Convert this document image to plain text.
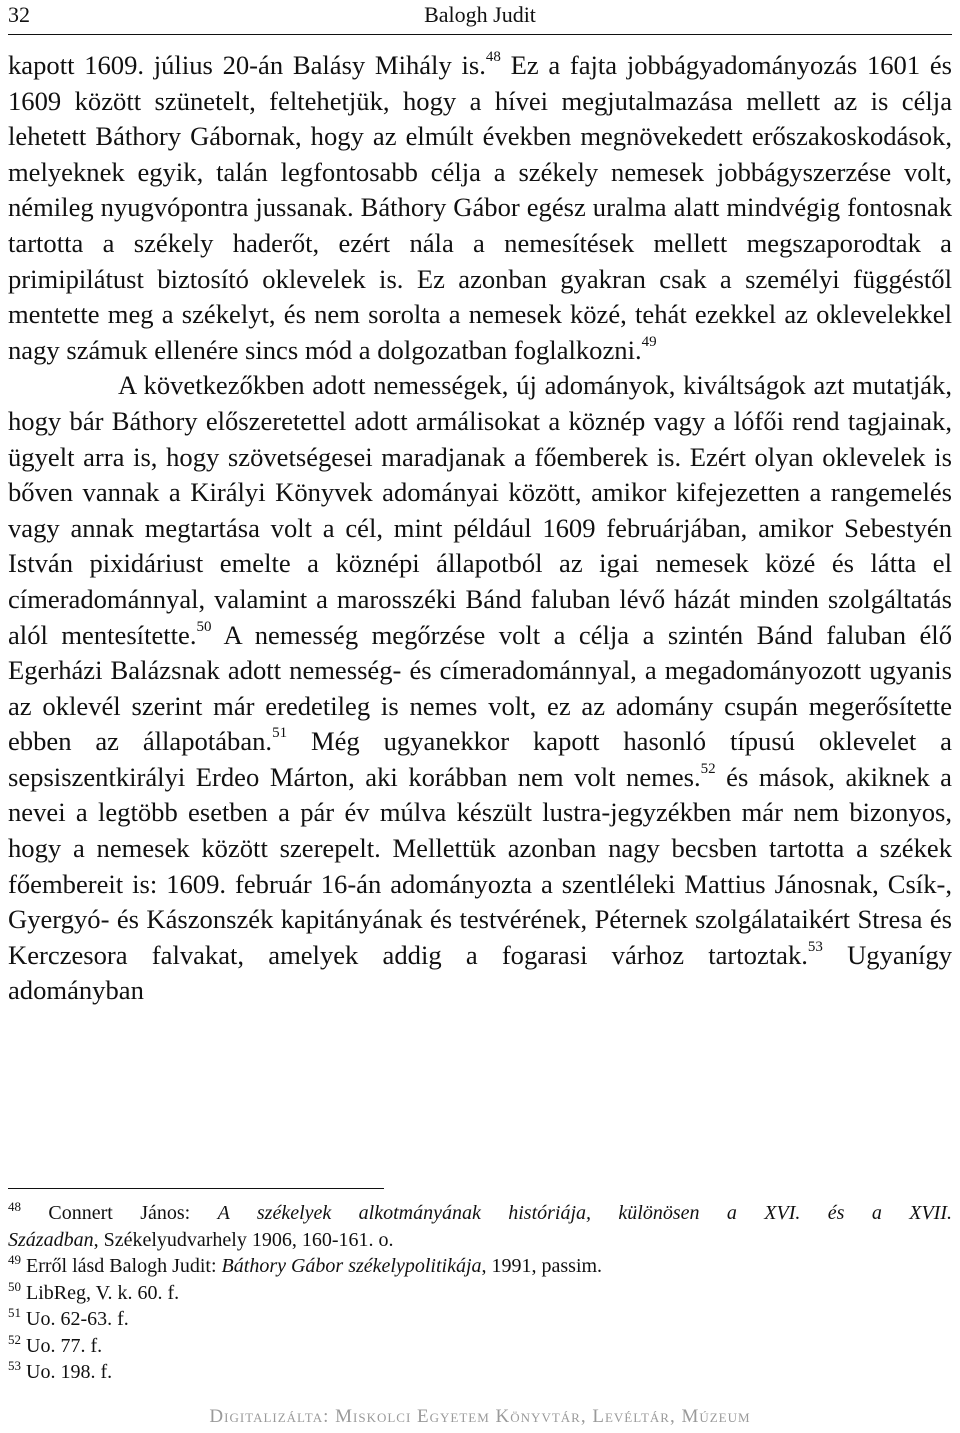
32	Balogh Judit

kapott 1609. július 20-án Balásy Mihály is.$^{48}$ Ez a fajta jobbágyadományozás 1601 és 1609 között szünetelt, feltehetjük, hogy a hívei megjutalmazása mellett az is célja lehetett Báthory Gábornak, hogy az elmúlt években megnövekedett erőszakoskodások, melyeknek egyik, talán legfontosabb célja a székely nemesek jobbágyszerzése volt, némileg nyugvópontra jussanak. Báthory Gábor egész uralma alatt mindvégig fontosnak tartotta a székely haderőt, ezért nála a nemesítések mellett megszaporodtak a primipilátust biztosító oklevelek is. Ez azonban gyakran csak a személyi függéstől mentette meg a székelyt, és nem sorolta a nemesek közé, tehát ezekkel az oklevelekkel nagy számuk ellenére sincs mód a dolgozatban foglalkozni.$^{49}$

A következőkben adott nemességek, új adományok, kiváltságok azt mutatják, hogy bár Báthory előszeretettel adott armálisokat a köznép vagy a lófői rend tagjainak, ügyelt arra is, hogy szövetségesei maradjanak a főemberek is. Ezért olyan oklevelek is bőven vannak a Királyi Könyvek adományai között, amikor kifejezetten a rangemelés vagy annak megtartása volt a cél, mint például 1609 februárjában, amikor Sebestyén István pixidáriust emelte a köznépi állapotból az igai nemesek közé és látta el címeradománnyal, valamint a marosszéki Bánd faluban lévő házát minden szolgáltatás alól mentesítette.$^{50}$ A nemesség megőrzése volt a célja a szintén Bánd faluban élő Egerházi Balázsnak adott nemesség- és címeradománnyal, a megadományozott ugyanis az oklevél szerint már eredetileg is nemes volt, ez az adomány csupán megerősítette ebben az állapotában.$^{51}$ Még ugyanekkor kapott hasonló típusú oklevelet a sepsiszentkirályi Erdeo Márton, aki korábban nem volt nemes.$^{52}$ és mások, akiknek a nevei a legtöbb esetben a pár év múlva készült lustra-jegyzékben már nem bizonyos, hogy a nemesek között szerepelt. Mellettük azonban nagy becsben tartotta a székek főembereit is: 1609. február 16-án adományozta a szentléleki Mattius Jánosnak, Csík-, Gyergyó- és Kászonszék kapitányának és testvérének, Péternek szolgálataikért Stresa és Kerczesora falvakat, amelyek addig a fogarasi várhoz tartoztak.$^{53}$ Ugyanígy adományban

$^{48}$ Connert János: A székelyek alkotmányának históriája, különösen a XVI. és a XVII.

Században, Székelyudvarhely 1906, 160-161. o.

$^{49}$ Erről lásd Balogh Judit: Báthory Gábor székelypolitikája, 1991, passim.

$^{50}$ LibReg, V. k. 60. f.

$^{51}$ Uo. 62-63. f.

$^{52}$ Uo. 77. f.

$^{53}$ Uo. 198. f.

Digitalizálta: Miskolci Egyetem Könyvtár, Levéltár, Múzeum
